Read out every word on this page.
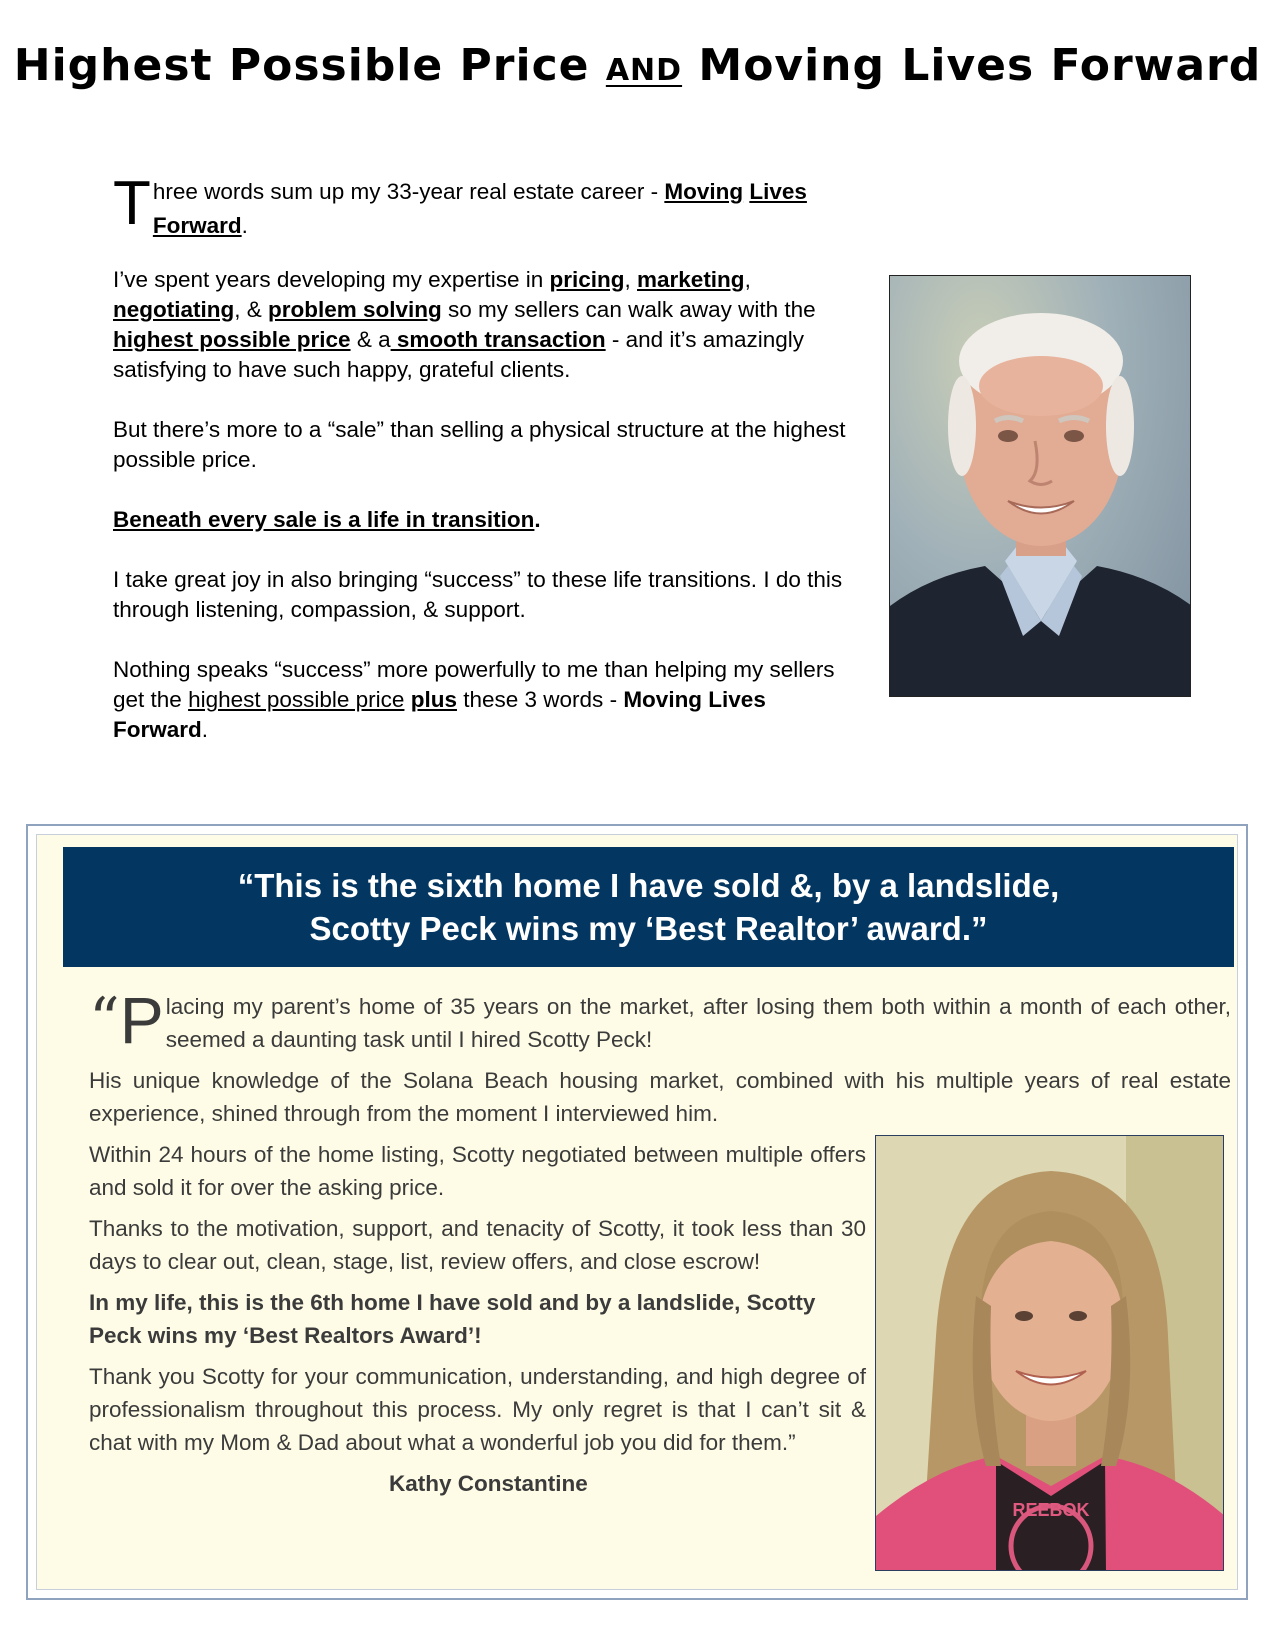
Highest Possible Price AND Moving Lives Forward

Three words sum up my 33-year real estate career - Moving Lives Forward.

I’ve spent years developing my expertise in pricing, marketing,
negotiating, & problem solving so my sellers can walk away with the highest possible price & a smooth transaction - and it’s amazingly satisfying to have such happy, grateful clients.

But there’s more to a “sale” than selling a physical structure at the highest possible price.

Beneath every sale is a life in transition.

I take great joy in also bringing “success” to these life transitions. I do this through listening, compassion, & support.

Nothing speaks “success” more powerfully to me than helping my sellers get the highest possible price plus these 3 words - Moving Lives Forward.

“This is the sixth home I have sold &, by a landslide,
Scotty Peck wins my ‘Best Realtor’ award.”

“ P lacing my parent’s home of 35 years on the market, after losing them both within a month of each other, seemed a daunting task until I hired Scotty Peck!

His unique knowledge of the Solana Beach housing market, combined with his multiple years of real estate experience, shined through from the moment I interviewed him.

Within 24 hours of the home listing, Scotty negotiated between multiple offers and sold it for over the asking price.

Thanks to the motivation, support, and tenacity of Scotty, it took less than 30 days to clear out, clean, stage, list, review offers, and close escrow!

In my life, this is the 6th home I have sold and by a landslide, Scotty Peck wins my ‘Best Realtors Award’!

Thank you Scotty for your communication, understanding, and high degree of professionalism throughout this process. My only regret is that I can’t sit & chat with my Mom & Dad about what a wonderful job you did for them.”

Kathy Constantine
REEBOK
